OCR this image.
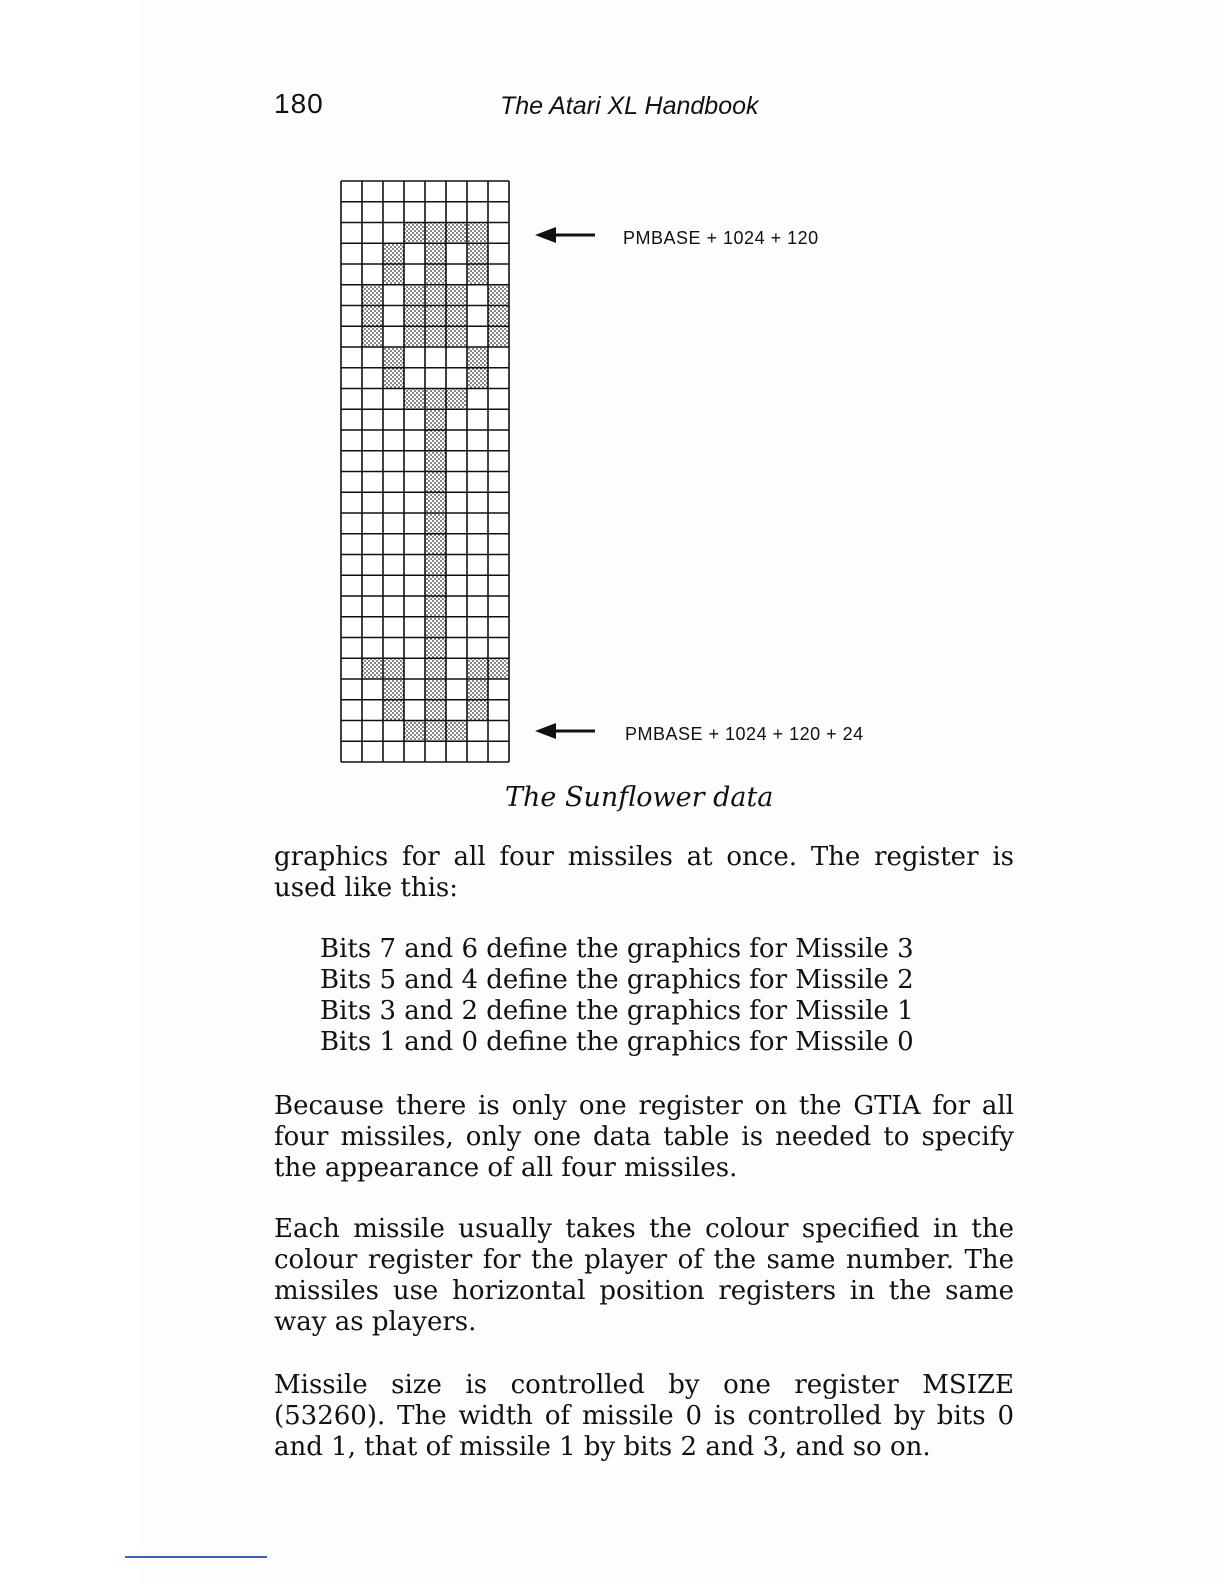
180	The Atari XL Handbook
PMBASE + 1024 + 120
PMBASE + 1024 + 120 + 24
The Sunflower data

graphics for all four missiles at once. The register is used like this:

Bits 7 and 6 define the graphics for Missile 3
Bits 5 and 4 define the graphics for Missile 2
Bits 3 and 2 define the graphics for Missile 1
Bits 1 and 0 define the graphics for Missile 0

Because there is only one register on the GTIA for all four missiles, only one data table is needed to specify the appearance of all four missiles.

Each missile usually takes the colour specified in the colour register for the player of the same number. The missiles use horizontal position registers in the same way as players.

Missile size is controlled by one register MSIZE (53260). The width of missile 0 is controlled by bits 0 and 1, that of missile 1 by bits 2 and 3, and so on.
